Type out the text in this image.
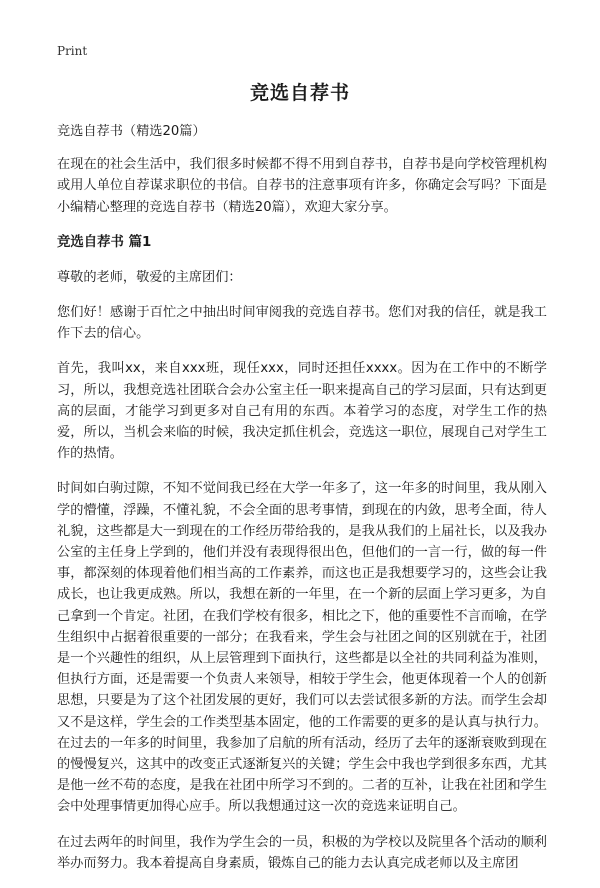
Print
竞选自荐书

竞选自荐书（精选20篇）

在现在的社会生活中，我们很多时候都不得不用到自荐书，自荐书是向学校管理机构或用人单位自荐谋求职位的书信。自荐书的注意事项有许多，你确定会写吗？下面是小编精心整理的竞选自荐书（精选20篇），欢迎大家分享。

竞选自荐书 篇1

尊敬的老师，敬爱的主席团们：

您们好！感谢于百忙之中抽出时间审阅我的竞选自荐书。您们对我的信任，就是我工作下去的信心。

首先，我叫xx，来自xxx班，现任xxx，同时还担任xxxx。因为在工作中的不断学习，所以，我想竞选社团联合会办公室主任一职来提高自己的学习层面，只有达到更高的层面，才能学习到更多对自己有用的东西。本着学习的态度，对学生工作的热爱，所以，当机会来临的时候，我决定抓住机会，竞选这一职位，展现自己对学生工作的热情。

时间如白驹过隙，不知不觉间我已经在大学一年多了，这一年多的时间里，我从刚入学的懵懂，浮躁，不懂礼貌，不会全面的思考事情，到现在的内敛，思考全面，待人礼貌，这些都是大一到现在的工作经历带给我的，是我从我们的上届社长，以及我办公室的主任身上学到的，他们并没有表现得很出色，但他们的一言一行，做的每一件事，都深刻的体现着他们相当高的工作素养，而这也正是我想要学习的，这些会让我成长，也让我更成熟。所以，我想在新的一年里，在一个新的层面上学习更多，为自己拿到一个肯定。社团，在我们学校有很多，相比之下，他的重要性不言而喻，在学生组织中占据着很重要的一部分；在我看来，学生会与社团之间的区别就在于，社团是一个兴趣性的组织，从上层管理到下面执行，这些都是以全社的共同利益为准则，但执行方面，还是需要一个负责人来领导，相较于学生会，他更体现着一个人的创新思想，只要是为了这个社团发展的更好，我们可以去尝试很多新的方法。而学生会却又不是这样，学生会的工作类型基本固定，他的工作需要的更多的是认真与执行力。在过去的一年多的时间里，我参加了启航的所有活动，经历了去年的逐渐衰败到现在的慢慢复兴，这其中的改变正式逐渐复兴的关键；学生会中我也学到很多东西，尤其是他一丝不苟的态度，是我在社团中所学习不到的。二者的互补，让我在社团和学生会中处理事情更加得心应手。所以我想通过这一次的竞选来证明自己。

在过去两年的时间里，我作为学生会的一员，积极的为学校以及院里各个活动的顺利举办而努力。我本着提高自身素质，锻炼自己的能力去认真完成老师以及主席团
